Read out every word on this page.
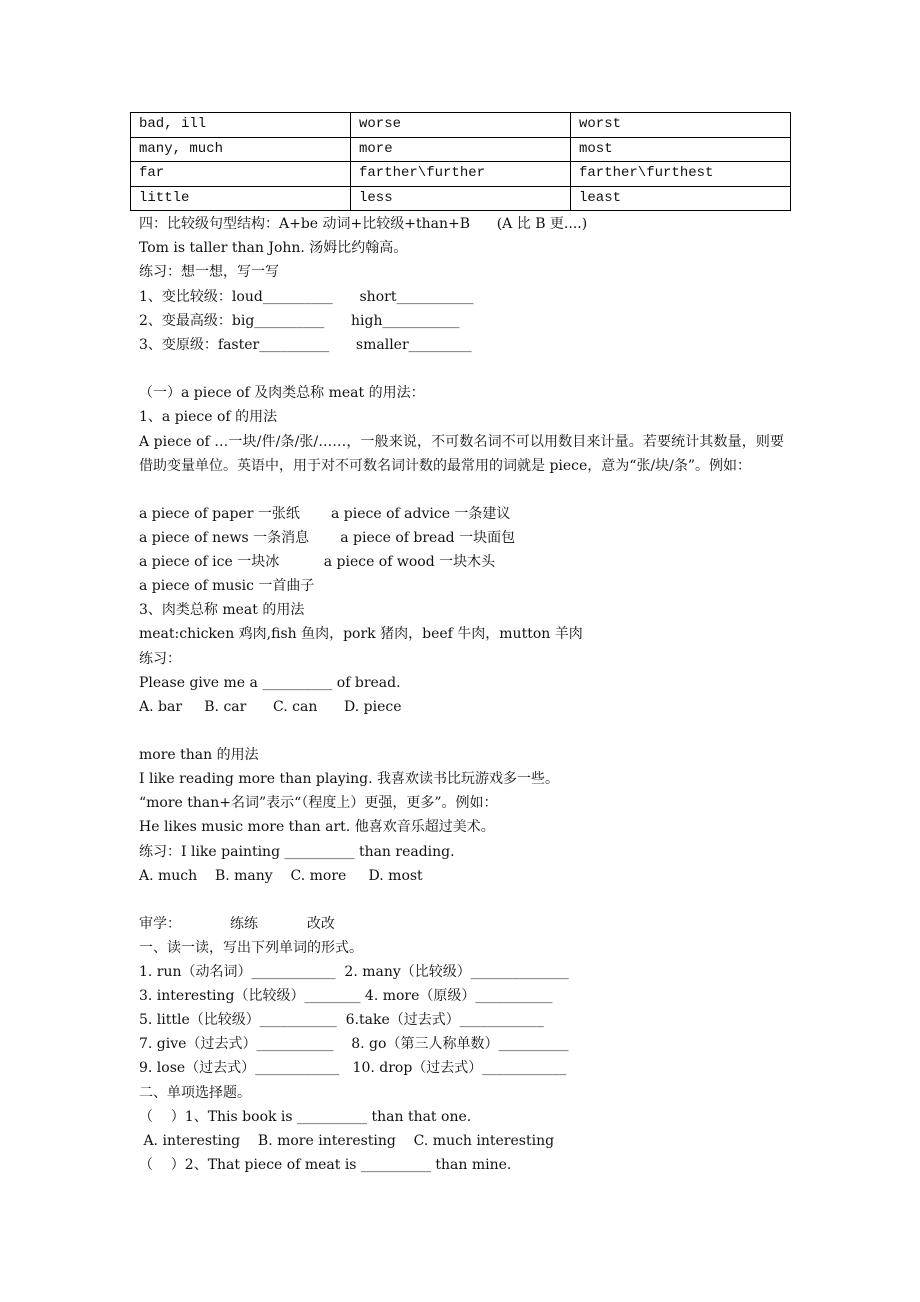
bad, ill	worse	worst
many, much	more	most
far	farther\further	farther\furthest
little	less	least
四：比较级句型结构：A+be 动词+比较级+than+B      (A 比 B 更....)
Tom is taller than John. 汤姆比约翰高。
练习：想一想，写一写
1、变比较级：loud__________      short___________
2、变最高级：big__________      high___________
3、变原级：faster__________      smaller_________
（一）a piece of 及肉类总称 meat 的用法：
1、a piece of 的用法
A piece of …一块/件/条/张/……，一般来说，不可数名词不可以用数目来计量。若要统计其数量，则要借助变量单位。英语中，用于对不可数名词计数的最常用的词就是 piece，意为“张/块/条”。例如：
a piece of paper 一张纸       a piece of advice 一条建议
a piece of news 一条消息       a piece of bread 一块面包
a piece of ice 一块冰          a piece of wood 一块木头
a piece of music 一首曲子
3、肉类总称 meat 的用法
meat:chicken 鸡肉,fish 鱼肉，pork 猪肉，beef 牛肉，mutton 羊肉
练习：
Please give me a __________ of bread.
A. bar     B. car      C. can      D. piece
more than 的用法
I like reading more than playing. 我喜欢读书比玩游戏多一些。
“more than+名词”表示“（程度上）更强，更多”。例如：
He likes music more than art. 他喜欢音乐超过美术。
练习：I like painting __________ than reading.
A. much    B. many    C. more     D. most
审学：           练练           改改
一、读一读，写出下列单词的形式。
1. run（动名词）____________  2. many（比较级）______________
3. interesting（比较级）________ 4. more（原级）___________
5. little（比较级）___________  6.take（过去式）____________
7. give（过去式）___________    8. go（第三人称单数）__________
9. lose（过去式）____________   10. drop（过去式）____________
二、单项选择题。
（    ）1、This book is __________ than that one.
A. interesting    B. more interesting    C. much interesting
（    ）2、That piece of meat is __________ than mine.
